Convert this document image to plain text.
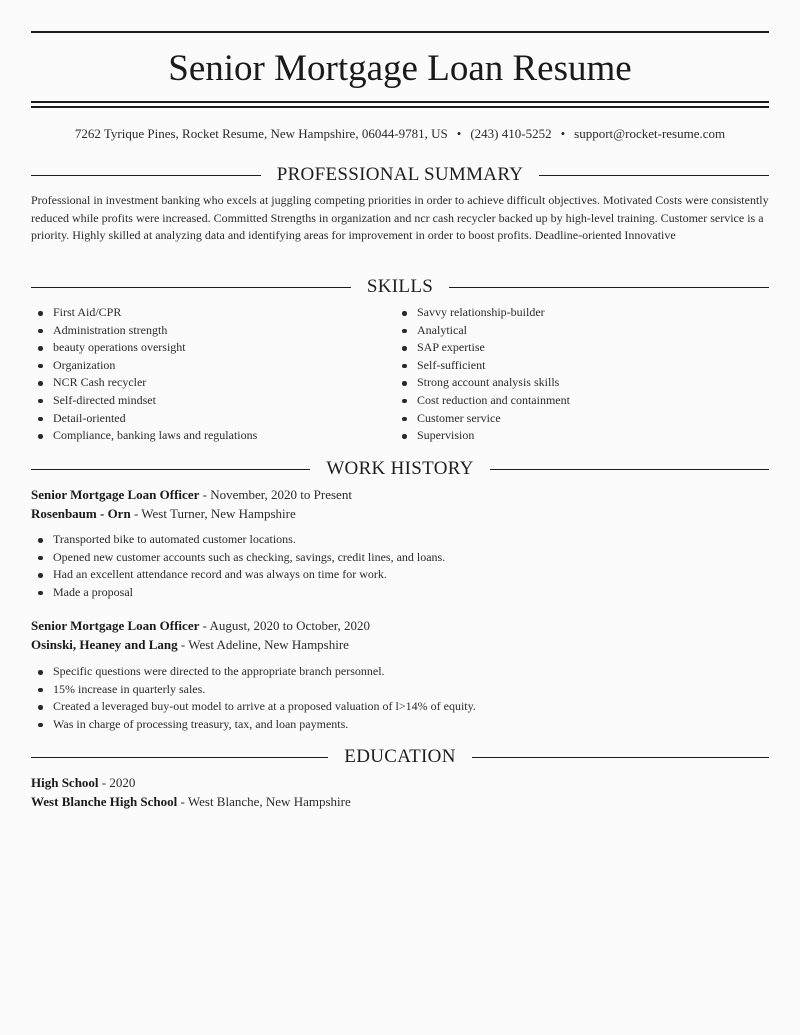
Senior Mortgage Loan Resume
7262 Tyrique Pines, Rocket Resume, New Hampshire, 06044-9781, US • (243) 410-5252 • support@rocket-resume.com
PROFESSIONAL SUMMARY
Professional in investment banking who excels at juggling competing priorities in order to achieve difficult objectives. Motivated Costs were consistently reduced while profits were increased. Committed Strengths in organization and ncr cash recycler backed up by high-level training. Customer service is a priority. Highly skilled at analyzing data and identifying areas for improvement in order to boost profits. Deadline-oriented Innovative
SKILLS
First Aid/CPR
Administration strength
beauty operations oversight
Organization
NCR Cash recycler
Self-directed mindset
Detail-oriented
Compliance, banking laws and regulations
Savvy relationship-builder
Analytical
SAP expertise
Self-sufficient
Strong account analysis skills
Cost reduction and containment
Customer service
Supervision
WORK HISTORY
Senior Mortgage Loan Officer - November, 2020 to Present
Rosenbaum - Orn - West Turner, New Hampshire
Transported bike to automated customer locations.
Opened new customer accounts such as checking, savings, credit lines, and loans.
Had an excellent attendance record and was always on time for work.
Made a proposal
Senior Mortgage Loan Officer - August, 2020 to October, 2020
Osinski, Heaney and Lang - West Adeline, New Hampshire
Specific questions were directed to the appropriate branch personnel.
15% increase in quarterly sales.
Created a leveraged buy-out model to arrive at a proposed valuation of l>14% of equity.
Was in charge of processing treasury, tax, and loan payments.
EDUCATION
High School - 2020
West Blanche High School - West Blanche, New Hampshire
